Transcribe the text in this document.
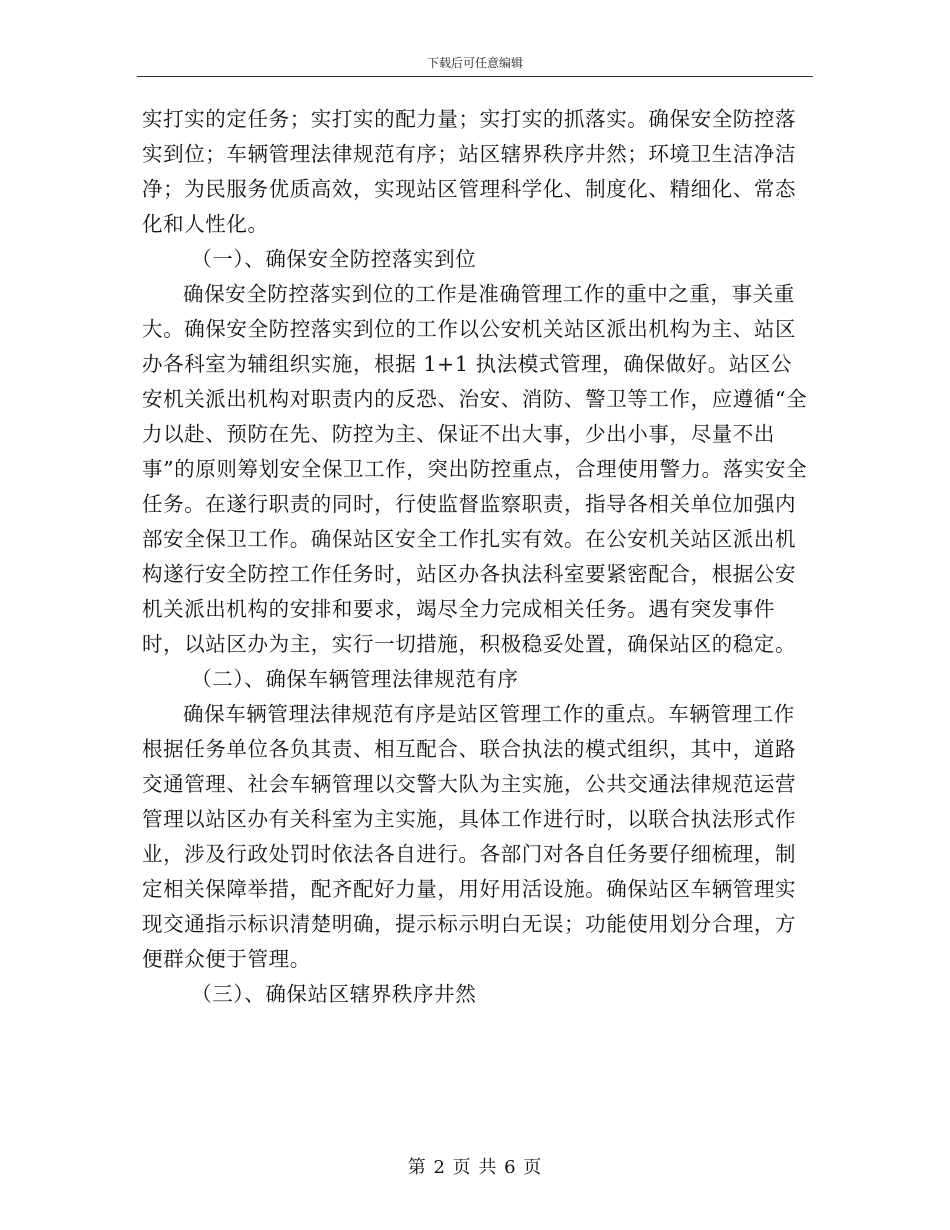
下载后可任意编辑

实打实的定任务；实打实的配力量；实打实的抓落实。确保安全防控落实到位；车辆管理法律规范有序；站区辖界秩序井然；环境卫生洁净洁净；为民服务优质高效，实现站区管理科学化、制度化、精细化、常态化和人性化。

（一）、确保安全防控落实到位

确保安全防控落实到位的工作是准确管理工作的重中之重，事关重大。确保安全防控落实到位的工作以公安机关站区派出机构为主、站区办各科室为辅组织实施，根据 1+1 执法模式管理，确保做好。站区公安机关派出机构对职责内的反恐、治安、消防、警卫等工作，应遵循“全力以赴、预防在先、防控为主、保证不出大事，少出小事，尽量不出事”的原则筹划安全保卫工作，突出防控重点，合理使用警力。落实安全任务。在遂行职责的同时，行使监督监察职责，指导各相关单位加强内部安全保卫工作。确保站区安全工作扎实有效。在公安机关站区派出机构遂行安全防控工作任务时，站区办各执法科室要紧密配合，根据公安机关派出机构的安排和要求，竭尽全力完成相关任务。遇有突发事件时，以站区办为主，实行一切措施，积极稳妥处置，确保站区的稳定。

（二）、确保车辆管理法律规范有序

确保车辆管理法律规范有序是站区管理工作的重点。车辆管理工作根据任务单位各负其责、相互配合、联合执法的模式组织，其中，道路交通管理、社会车辆管理以交警大队为主实施，公共交通法律规范运营管理以站区办有关科室为主实施，具体工作进行时，以联合执法形式作业，涉及行政处罚时依法各自进行。各部门对各自任务要仔细梳理，制定相关保障举措，配齐配好力量，用好用活设施。确保站区车辆管理实现交通指示标识清楚明确，提示标示明白无误；功能使用划分合理，方便群众便于管理。

（三）、确保站区辖界秩序井然

第 2 页 共 6 页
